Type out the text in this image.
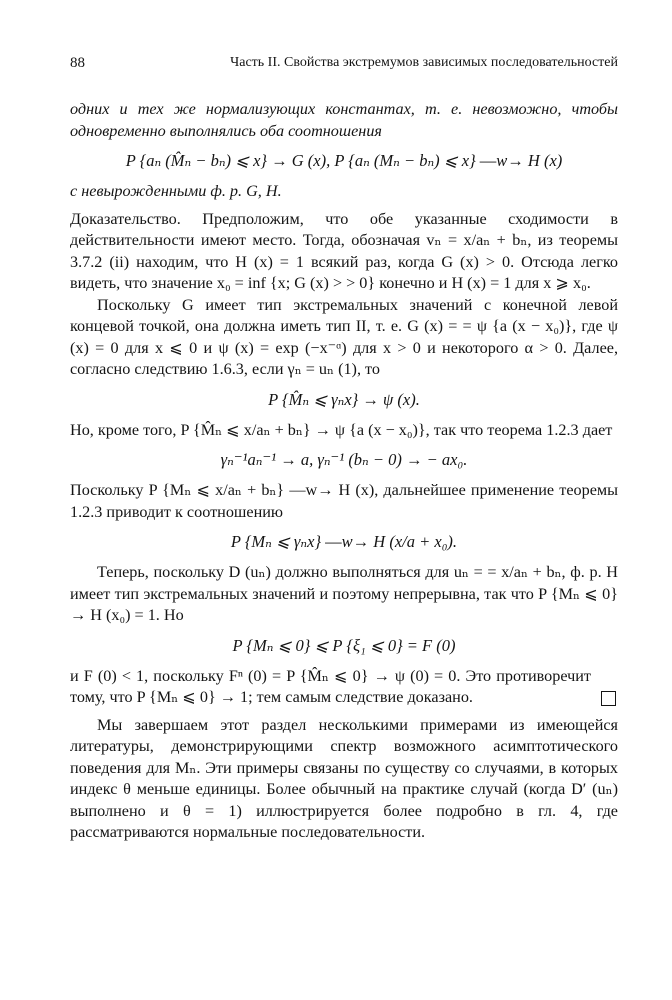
88	Часть II. Свойства экстремумов зависимых последовательностей

одних и тех же нормализующих константах, т. е. невозможно, чтобы одновременно выполнялись оба соотношения

P {aₙ (M̂ₙ − bₙ) ⩽ x} → G (x), P {aₙ (Mₙ − bₙ) ⩽ x} ―w→ H (x)

с невырожденными ф. р. G, H.

Доказательство. Предположим, что обе указанные сходимости в действительности имеют место. Тогда, обозначая vₙ = x/aₙ + bₙ, из теоремы 3.7.2 (ii) находим, что H (x) = 1 всякий раз, когда G (x) > 0. Отсюда легко видеть, что значение x₀ = inf {x; G (x) > > 0} конечно и H (x) = 1 для x ⩾ x₀.

Поскольку G имеет тип экстремальных значений с конечной левой концевой точкой, она должна иметь тип II, т. е. G (x) = = ψ {a (x − x₀)}, где ψ (x) = 0 для x ⩽ 0 и ψ (x) = exp (−x⁻ᵅ) для x > 0 и некоторого α > 0. Далее, согласно следствию 1.6.3, если γₙ = uₙ (1), то

P {M̂ₙ ⩽ γₙx} → ψ (x).

Но, кроме того, P {M̂ₙ ⩽ x/aₙ + bₙ} → ψ {a (x − x₀)}, так что теорема 1.2.3 дает

γₙ⁻¹aₙ⁻¹ → a, γₙ⁻¹ (bₙ − 0) → − ax₀.

Поскольку P {Mₙ ⩽ x/aₙ + bₙ} ―w→ H (x), дальнейшее применение теоремы 1.2.3 приводит к соотношению

P {Mₙ ⩽ γₙx} ―w→ H (x/a + x₀).

Теперь, поскольку D (uₙ) должно выполняться для uₙ = = x/aₙ + bₙ, ф. р. H имеет тип экстремальных значений и поэтому непрерывна, так что P {Mₙ ⩽ 0} → H (x₀) = 1. Но

P {Mₙ ⩽ 0} ⩽ P {ξ₁ ⩽ 0} = F (0)

и F (0) < 1, поскольку Fⁿ (0) = P {M̂ₙ ⩽ 0} → ψ (0) = 0. Это противоречит тому, что P {Mₙ ⩽ 0} → 1; тем самым следствие доказано.

Мы завершаем этот раздел несколькими примерами из имеющейся литературы, демонстрирующими спектр возможного асимптотического поведения для Mₙ. Эти примеры связаны по существу со случаями, в которых индекс θ меньше единицы. Более обычный на практике случай (когда D′ (uₙ) выполнено и θ = 1) иллюстрируется более подробно в гл. 4, где рассматриваются нормальные последовательности.
